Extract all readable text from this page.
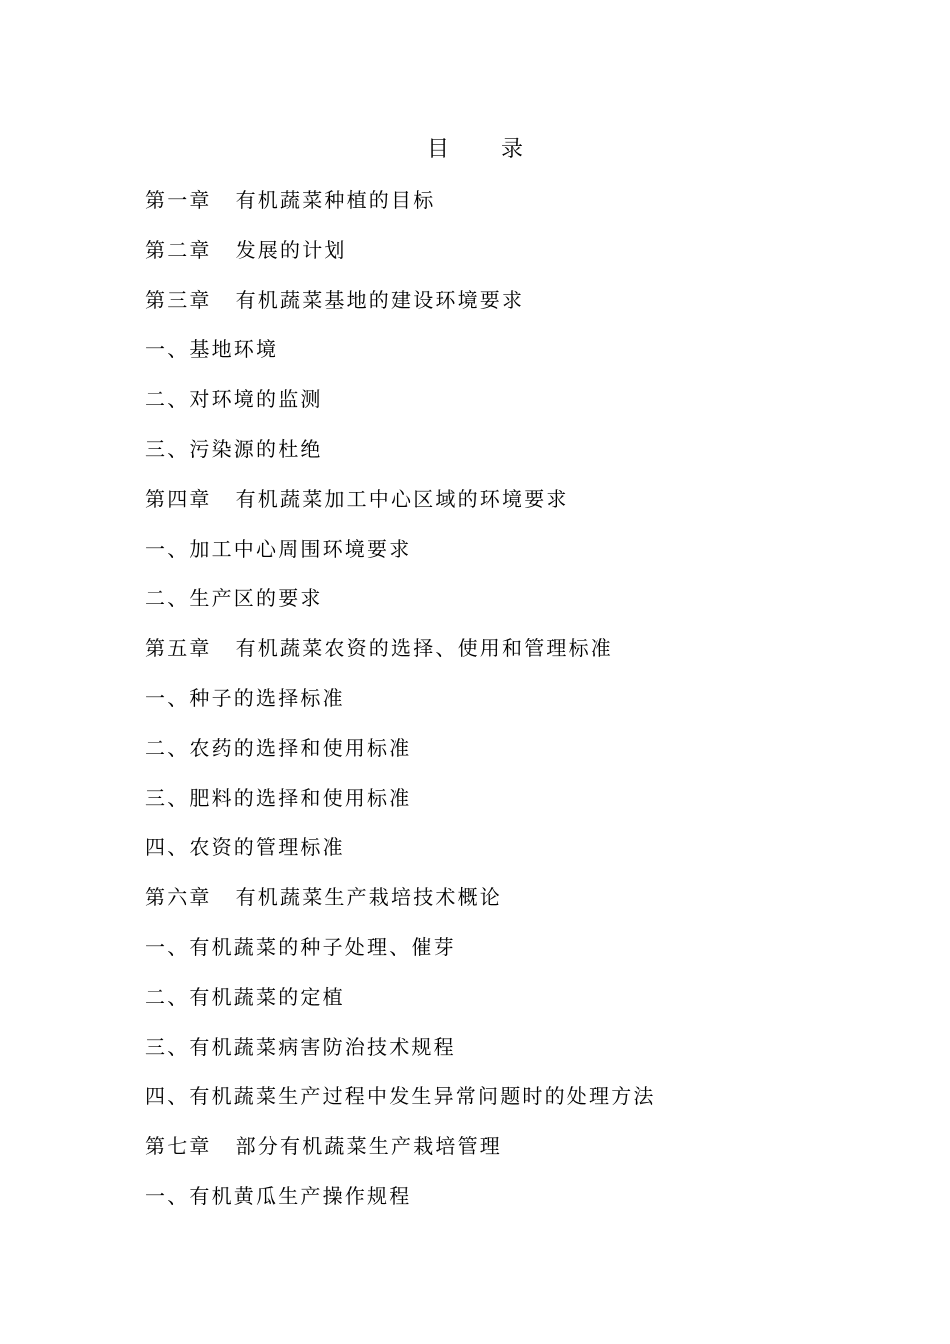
目 录
第一章 有机蔬菜种植的目标
第二章 发展的计划
第三章 有机蔬菜基地的建设环境要求
一、基地环境
二、对环境的监测
三、污染源的杜绝
第四章 有机蔬菜加工中心区域的环境要求
一、加工中心周围环境要求
二、生产区的要求
第五章 有机蔬菜农资的选择、使用和管理标准
一、种子的选择标准
二、农药的选择和使用标准
三、肥料的选择和使用标准
四、农资的管理标准
第六章 有机蔬菜生产栽培技术概论
一、有机蔬菜的种子处理、催芽
二、有机蔬菜的定植
三、有机蔬菜病害防治技术规程
四、有机蔬菜生产过程中发生异常问题时的处理方法
第七章 部分有机蔬菜生产栽培管理
一、有机黄瓜生产操作规程
